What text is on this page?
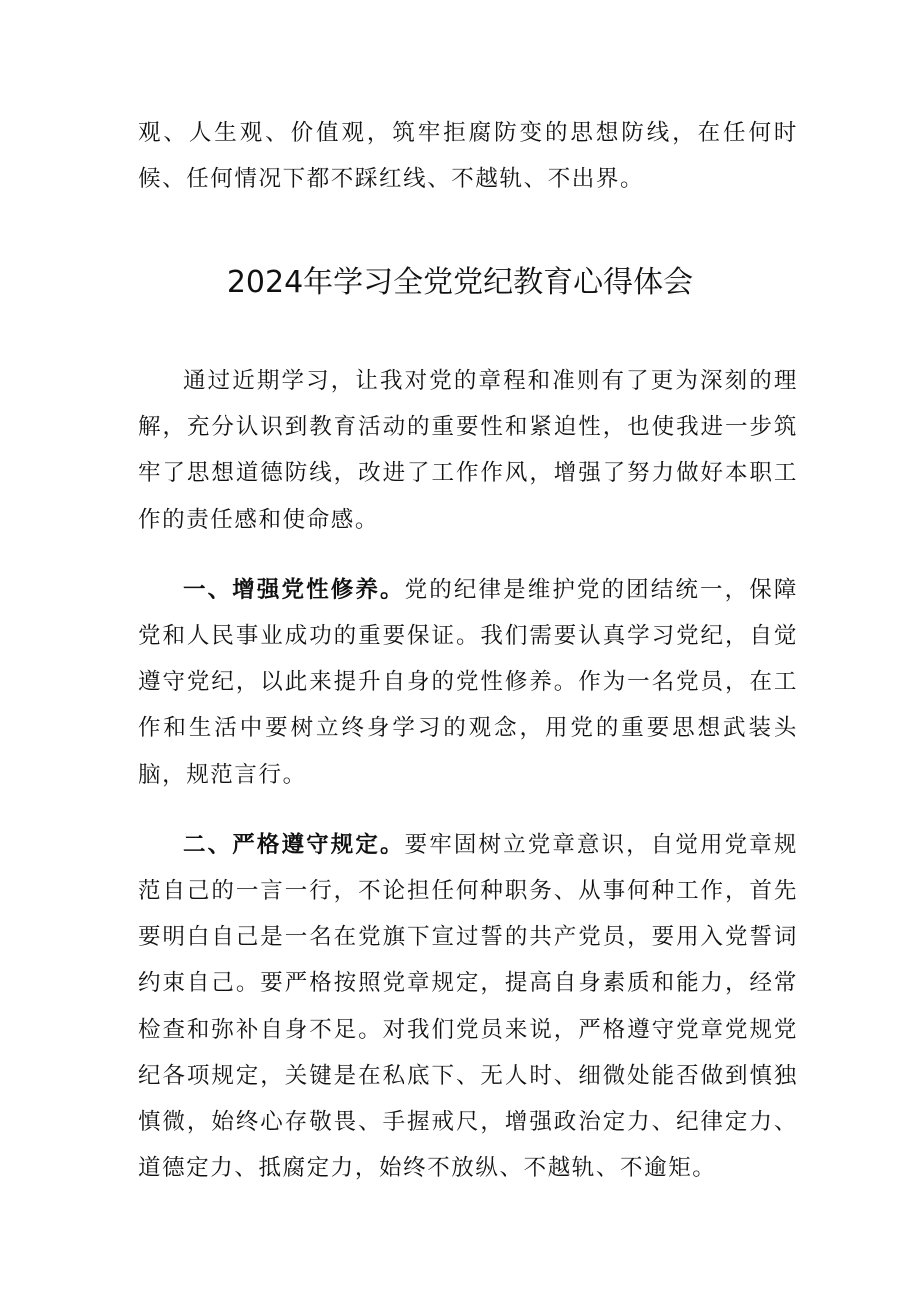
观、人生观、价值观，筑牢拒腐防变的思想防线，在任何时候、任何情况下都不踩红线、不越轨、不出界。
2024年学习全党党纪教育心得体会

通过近期学习，让我对党的章程和准则有了更为深刻的理解，充分认识到教育活动的重要性和紧迫性，也使我进一步筑牢了思想道德防线，改进了工作作风，增强了努力做好本职工作的责任感和使命感。

一、增强党性修养。党的纪律是维护党的团结统一，保障党和人民事业成功的重要保证。我们需要认真学习党纪，自觉遵守党纪，以此来提升自身的党性修养。作为一名党员，在工作和生活中要树立终身学习的观念，用党的重要思想武装头脑，规范言行。

二、严格遵守规定。要牢固树立党章意识，自觉用党章规范自己的一言一行，不论担任何种职务、从事何种工作，首先要明白自己是一名在党旗下宣过誓的共产党员，要用入党誓词约束自己。要严格按照党章规定，提高自身素质和能力，经常检查和弥补自身不足。对我们党员来说，严格遵守党章党规党纪各项规定，关键是在私底下、无人时、细微处能否做到慎独慎微，始终心存敬畏、手握戒尺，增强政治定力、纪律定力、道德定力、抵腐定力，始终不放纵、不越轨、不逾矩。
